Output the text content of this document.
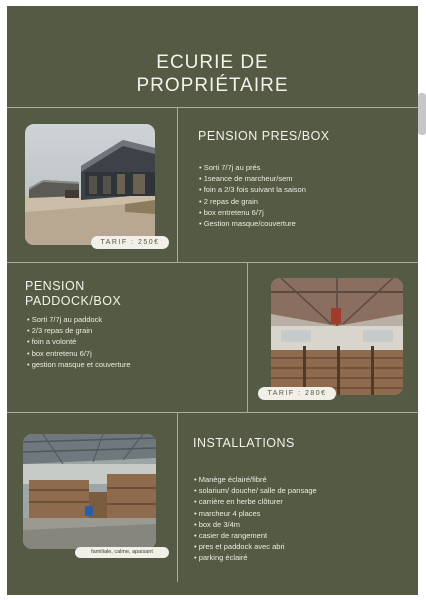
ECURIE DE
PROPRIÉTAIRE
TARIF : 250€
PENSION PRES/BOX
• Sorti 7/7j au prés
• 1seance de marcheur/sem
• foin a 2/3 fois suivant la saison
• 2 repas de grain
• box entretenu 6/7j
• Gestion masque/couverture
PENSION
PADDOCK/BOX
• Sorti 7/7j au paddock
• 2/3 repas de grain
• foin a volonté
• box entretenu 6/7j
• gestion masque et couverture
TARIF : 280€
familiale, calme, apaisant
INSTALLATIONS
• Manège éclairé/fibré
• solarium/ douche/ salle de pansage
• carrière en herbe clôturer
• marcheur 4 places
• box de 3/4m
• casier de rangement
• pres et paddock avec abri
• parking éclairé
